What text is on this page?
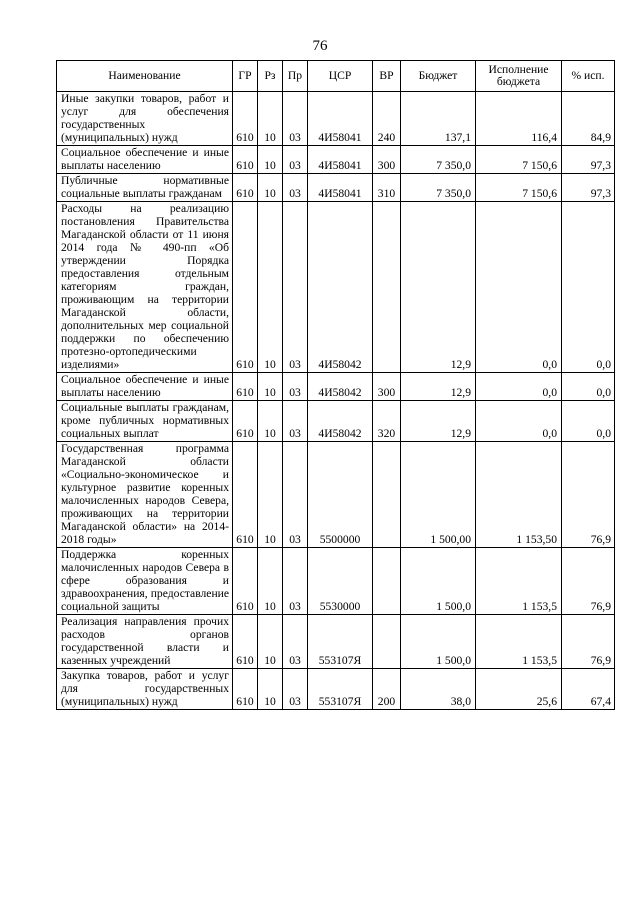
76
Наименование	ГР	Рз	Пр	ЦСР	ВР	Бюджет	Исполнение бюджета	% исп.
Иные закупки товаров, работ и услуг для обеспечения государственных (муниципальных) нужд	610	10	03	4И58041	240	137,1	116,4	84,9
Социальное обеспечение и иные выплаты населению	610	10	03	4И58041	300	7 350,0	7 150,6	97,3
Публичные нормативные социальные выплаты гражданам	610	10	03	4И58041	310	7 350,0	7 150,6	97,3
Расходы на реализацию постановления Правительства Магаданской области от 11 июня 2014 года № 490-пп «Об утверждении Порядка предоставления отдельным категориям граждан, проживающим на территории Магаданской области, дополнительных мер социальной поддержки по обеспечению протезно-ортопедическими изделиями»	610	10	03	4И58042		12,9	0,0	0,0
Социальное обеспечение и иные выплаты населению	610	10	03	4И58042	300	12,9	0,0	0,0
Социальные выплаты гражданам, кроме публичных нормативных социальных выплат	610	10	03	4И58042	320	12,9	0,0	0,0
Государственная программа Магаданской области «Социально-экономическое и культурное развитие коренных малочисленных народов Севера, проживающих на территории Магаданской области» на 2014-2018 годы»	610	10	03	5500000		1 500,00	1 153,50	76,9
Поддержка коренных малочисленных народов Севера в сфере образования и здравоохранения, предоставление социальной защиты	610	10	03	5530000		1 500,0	1 153,5	76,9
Реализация направления прочих расходов органов государственной власти и казенных учреждений	610	10	03	553107Я		1 500,0	1 153,5	76,9
Закупка товаров, работ и услуг для государственных (муниципальных) нужд	610	10	03	553107Я	200	38,0	25,6	67,4
